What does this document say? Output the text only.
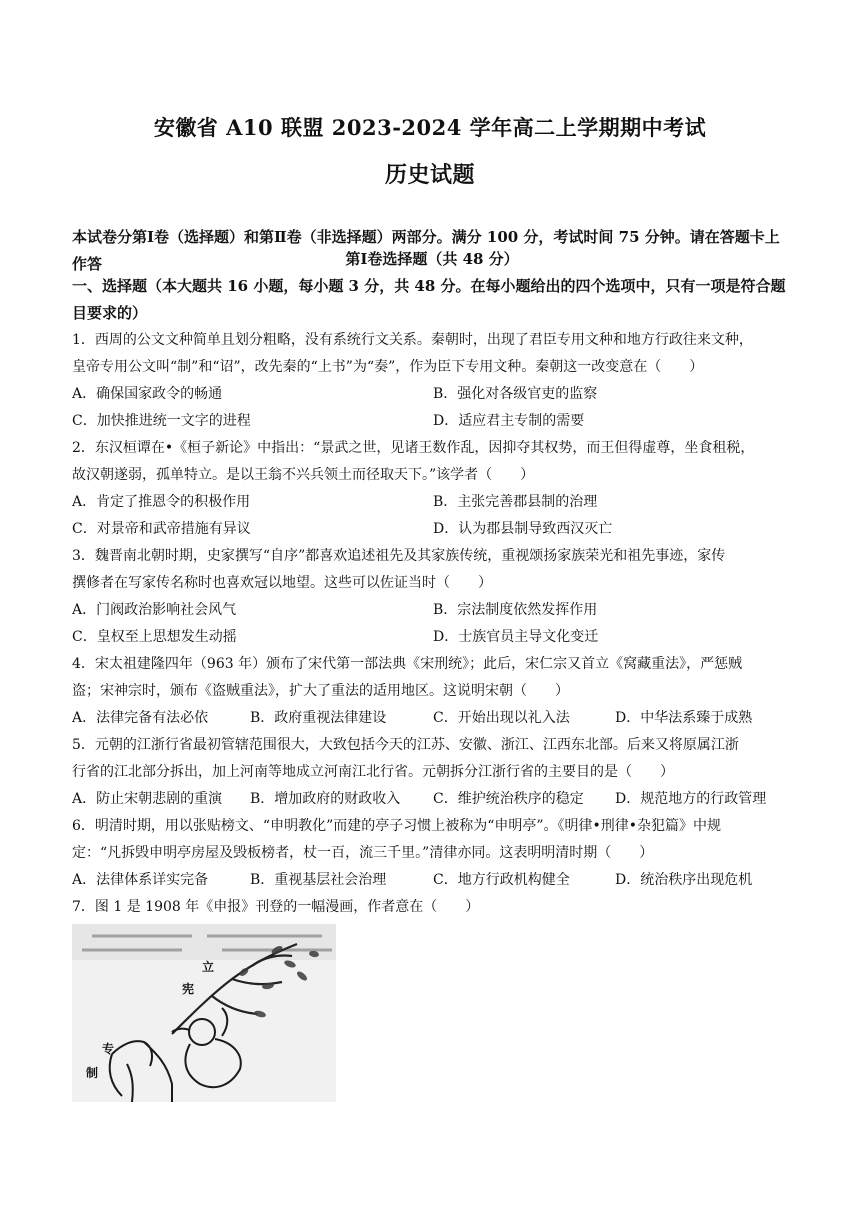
安徽省 A10 联盟 2023-2024 学年高二上学期期中考试
历史试题
本试卷分第Ⅰ卷（选择题）和第Ⅱ卷（非选择题）两部分。满分 100 分，考试时间 75 分钟。请在答题卡上作答	第Ⅰ卷选择题（共 48 分）
一、选择题（本大题共 16 小题，每小题 3 分，共 48 分。在每小题给出的四个选项中，只有一项是符合题目要求的）
1．西周的公文文种简单且划分粗略，没有系统行文关系。秦朝时，出现了君臣专用文种和地方行政往来文种，
皇帝专用公文叫“制”和“诏”，改先秦的“上书”为“奏”，作为臣下专用文种。秦朝这一改变意在（　　）
A．确保国家政令的畅通	B．强化对各级官吏的监察
C．加快推进统一文字的进程	D．适应君主专制的需要
2．东汉桓谭在•《桓子新论》中指出：“景武之世，见诸王数作乱，因抑夺其权势，而王但得虚尊，坐食租税，
故汉朝遂弱，孤单特立。是以王翁不兴兵领土而径取天下。”该学者（　　）
A．肯定了推恩令的积极作用	B．主张完善郡县制的治理
C．对景帝和武帝措施有异议	D．认为郡县制导致西汉灭亡
3．魏晋南北朝时期，史家撰写“自序”都喜欢追述祖先及其家族传统，重视颂扬家族荣光和祖先事迹，家传
撰修者在写家传名称时也喜欢冠以地望。这些可以佐证当时（　　）
A．门阀政治影响社会风气	B．宗法制度依然发挥作用
C．皇权至上思想发生动摇	D．士族官员主导文化变迁
4．宋太祖建隆四年（963 年）颁布了宋代第一部法典《宋刑统》；此后，宋仁宗又首立《窝藏重法》，严惩贼
盗；宋神宗时，颁布《盗贼重法》，扩大了重法的适用地区。这说明宋朝（　　）
A．法律完备有法必依	B．政府重视法律建设	C．开始出现以礼入法	D．中华法系臻于成熟
5．元朝的江浙行省最初管辖范围很大，大致包括今天的江苏、安徽、浙江、江西东北部。后来又将原属江浙
行省的江北部分拆出，加上河南等地成立河南江北行省。元朝拆分江浙行省的主要目的是（　　）
A．防止宋朝悲剧的重演 B．增加政府的财政收入 C．维护统治秩序的稳定 D．规范地方的行政管理
6．明清时期，用以张贴榜文、“申明教化”而建的亭子习惯上被称为“申明亭”。《明律•刑律•杂犯篇》中规
定：“凡拆毁申明亭房屋及毁板榜者，杖一百，流三千里。”清律亦同。这表明明清时期（　　）
A．法律体系详实完备	B．重视基层社会治理	C．地方行政机构健全	D．统治秩序出现危机
7．图 1 是 1908 年《申报》刊登的一幅漫画，作者意在（　　）
立
宪
专
制
